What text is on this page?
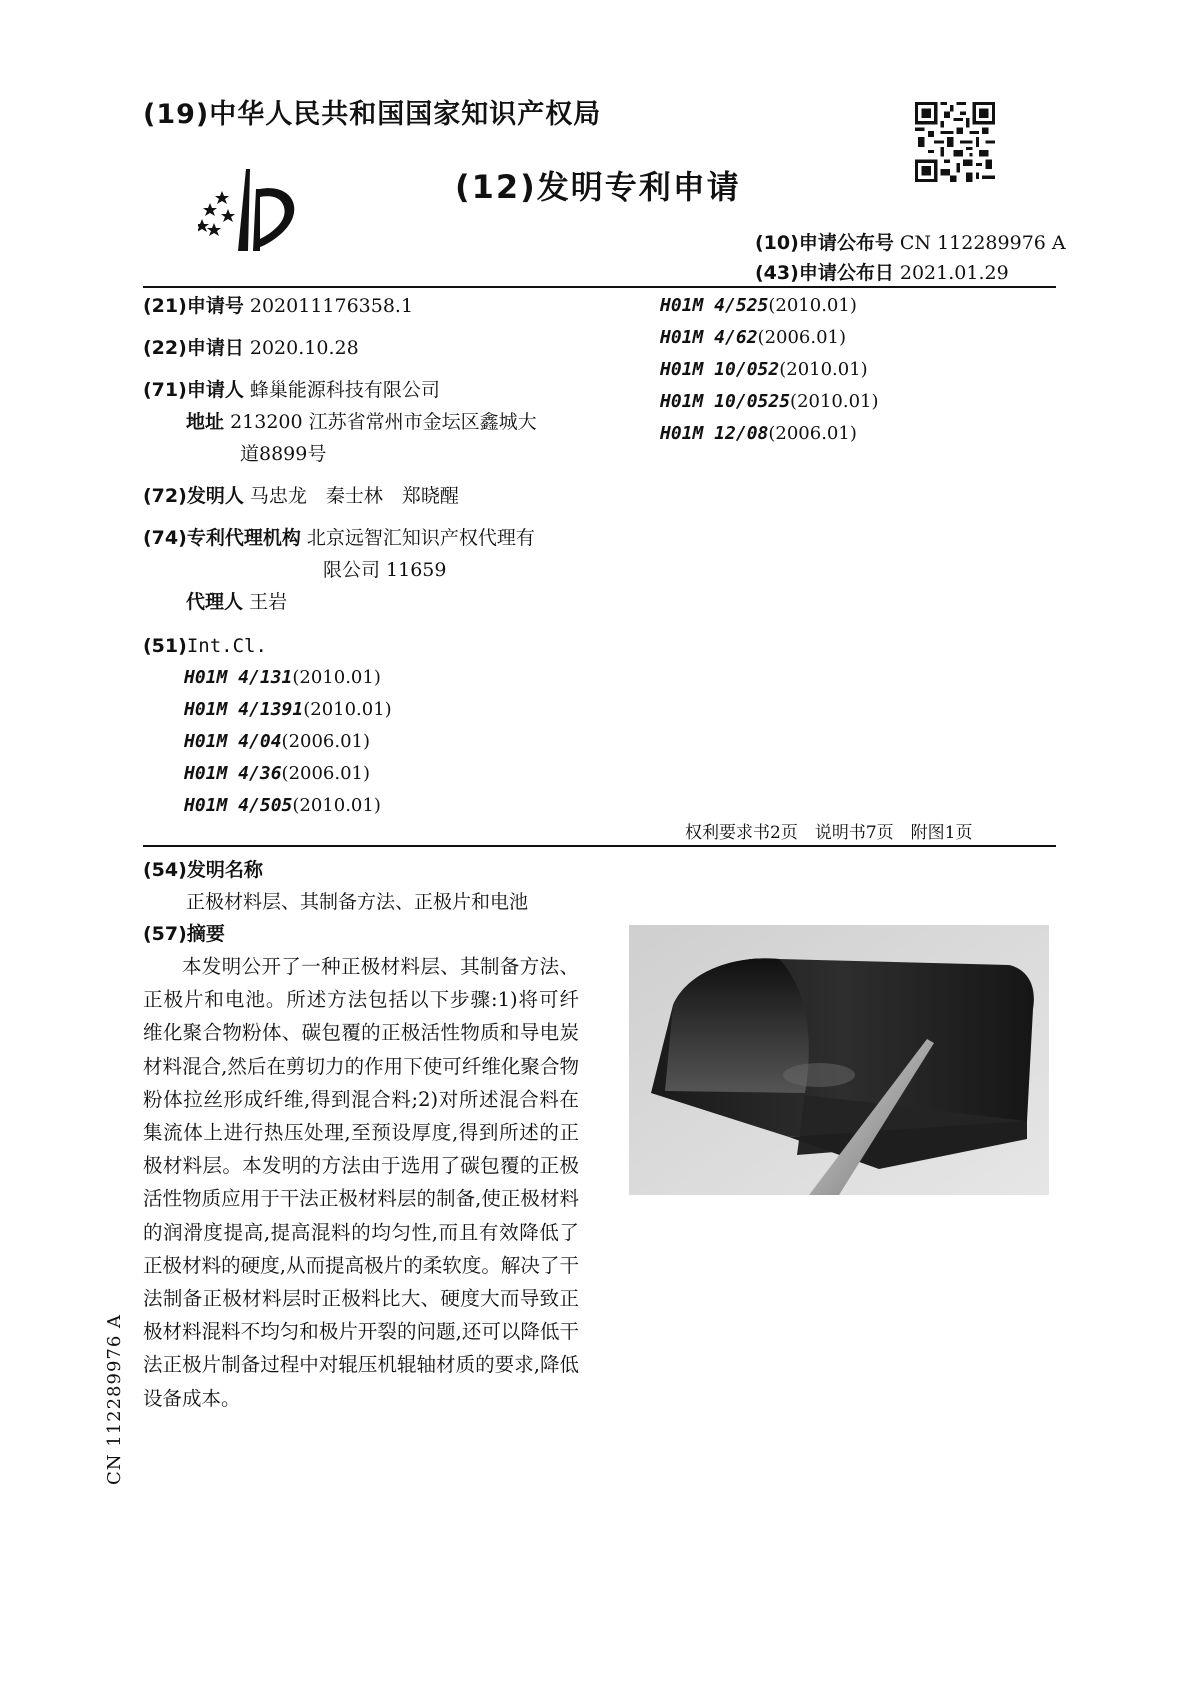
(19)中华人民共和国国家知识产权局
(12)发明专利申请
(10)申请公布号 CN 112289976 A
(43)申请公布日 2021.01.29
(21)申请号 202011176358.1
(22)申请日 2020.10.28
(71)申请人 蜂巢能源科技有限公司
地址 213200 江苏省常州市金坛区鑫城大
道8899号
(72)发明人 马忠龙　秦士林　郑晓醒
(74)专利代理机构 北京远智汇知识产权代理有
限公司 11659
代理人 王岩
(51)Int.Cl.
H01M 4/131(2010.01)
H01M 4/1391(2010.01)
H01M 4/04(2006.01)
H01M 4/36(2006.01)
H01M 4/505(2010.01)
H01M 4/525(2010.01)
H01M 4/62(2006.01)
H01M 10/052(2010.01)
H01M 10/0525(2010.01)
H01M 12/08(2006.01)
权利要求书2页　说明书7页　附图1页
(54)发明名称
正极材料层、其制备方法、正极片和电池
(57)摘要
本发明公开了一种正极材料层、其制备方法、正极片和电池。所述方法包括以下步骤:1)将可纤维化聚合物粉体、碳包覆的正极活性物质和导电炭材料混合,然后在剪切力的作用下使可纤维化聚合物粉体拉丝形成纤维,得到混合料;2)对所述混合料在集流体上进行热压处理,至预设厚度,得到所述的正极材料层。本发明的方法由于选用了碳包覆的正极活性物质应用于干法正极材料层的制备,使正极材料的润滑度提高,提高混料的均匀性,而且有效降低了正极材料的硬度,从而提高极片的柔软度。解决了干法制备正极材料层时正极料比大、硬度大而导致正极材料混料不均匀和极片开裂的问题,还可以降低干法正极片制备过程中对辊压机辊轴材质的要求,降低设备成本。
CN 112289976 A
